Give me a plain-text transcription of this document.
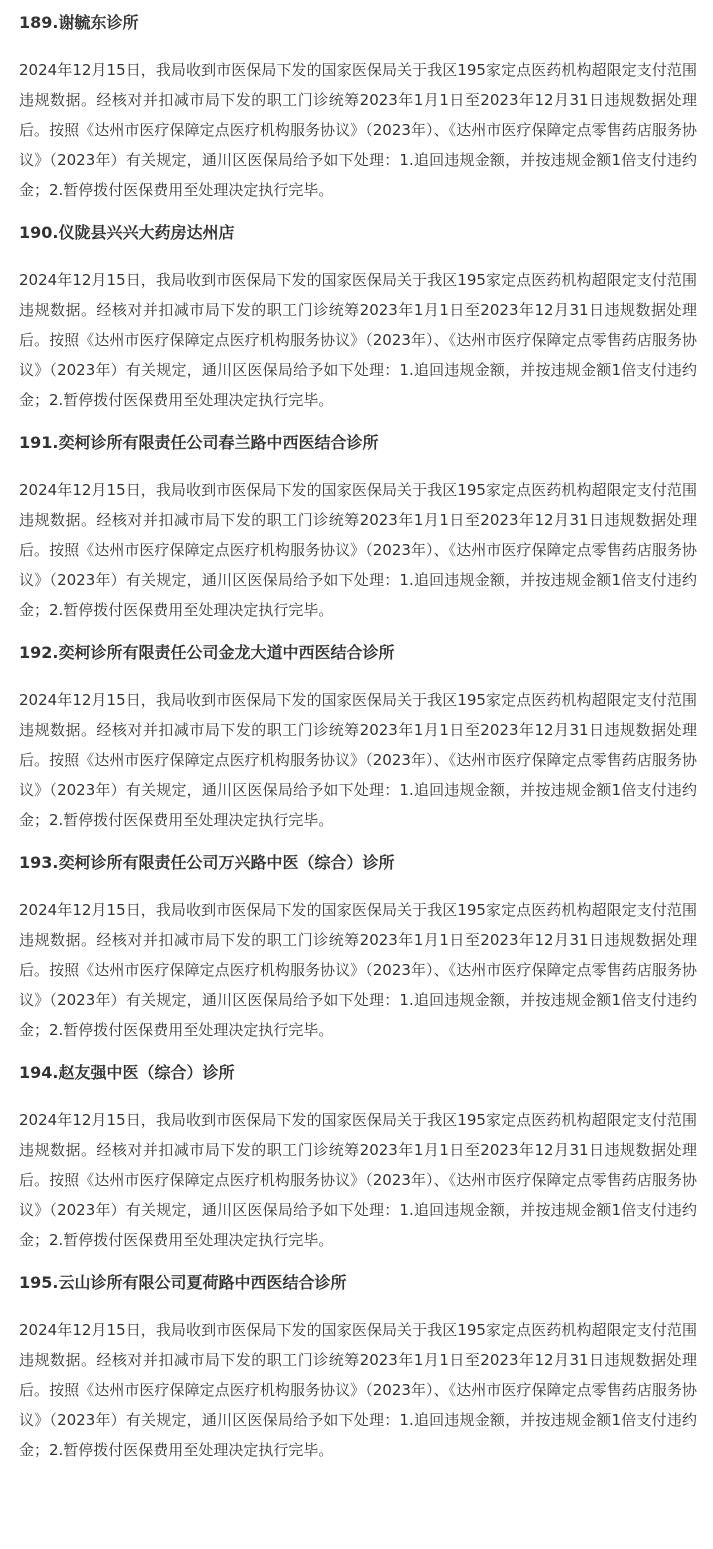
189.谢毓东诊所

2024年12月15日，我局收到市医保局下发的国家医保局关于我区195家定点医药机构超限定支付范围违规数据。经核对并扣减市局下发的职工门诊统筹2023年1月1日至2023年12月31日违规数据处理后。按照《达州市医疗保障定点医疗机构服务协议》（2023年）、《达州市医疗保障定点零售药店服务协议》（2023年）有关规定，通川区医保局给予如下处理：1.追回违规金额，并按违规金额1倍支付违约金；2.暂停拨付医保费用至处理决定执行完毕。

190.仪陇县兴兴大药房达州店

2024年12月15日，我局收到市医保局下发的国家医保局关于我区195家定点医药机构超限定支付范围违规数据。经核对并扣减市局下发的职工门诊统筹2023年1月1日至2023年12月31日违规数据处理后。按照《达州市医疗保障定点医疗机构服务协议》（2023年）、《达州市医疗保障定点零售药店服务协议》（2023年）有关规定，通川区医保局给予如下处理：1.追回违规金额，并按违规金额1倍支付违约金；2.暂停拨付医保费用至处理决定执行完毕。

191.奕柯诊所有限责任公司春兰路中西医结合诊所

2024年12月15日，我局收到市医保局下发的国家医保局关于我区195家定点医药机构超限定支付范围违规数据。经核对并扣减市局下发的职工门诊统筹2023年1月1日至2023年12月31日违规数据处理后。按照《达州市医疗保障定点医疗机构服务协议》（2023年）、《达州市医疗保障定点零售药店服务协议》（2023年）有关规定，通川区医保局给予如下处理：1.追回违规金额，并按违规金额1倍支付违约金；2.暂停拨付医保费用至处理决定执行完毕。

192.奕柯诊所有限责任公司金龙大道中西医结合诊所

2024年12月15日，我局收到市医保局下发的国家医保局关于我区195家定点医药机构超限定支付范围违规数据。经核对并扣减市局下发的职工门诊统筹2023年1月1日至2023年12月31日违规数据处理后。按照《达州市医疗保障定点医疗机构服务协议》（2023年）、《达州市医疗保障定点零售药店服务协议》（2023年）有关规定，通川区医保局给予如下处理：1.追回违规金额，并按违规金额1倍支付违约金；2.暂停拨付医保费用至处理决定执行完毕。

193.奕柯诊所有限责任公司万兴路中医（综合）诊所

2024年12月15日，我局收到市医保局下发的国家医保局关于我区195家定点医药机构超限定支付范围违规数据。经核对并扣减市局下发的职工门诊统筹2023年1月1日至2023年12月31日违规数据处理后。按照《达州市医疗保障定点医疗机构服务协议》（2023年）、《达州市医疗保障定点零售药店服务协议》（2023年）有关规定，通川区医保局给予如下处理：1.追回违规金额，并按违规金额1倍支付违约金；2.暂停拨付医保费用至处理决定执行完毕。

194.赵友强中医（综合）诊所

2024年12月15日，我局收到市医保局下发的国家医保局关于我区195家定点医药机构超限定支付范围违规数据。经核对并扣减市局下发的职工门诊统筹2023年1月1日至2023年12月31日违规数据处理后。按照《达州市医疗保障定点医疗机构服务协议》（2023年）、《达州市医疗保障定点零售药店服务协议》（2023年）有关规定，通川区医保局给予如下处理：1.追回违规金额，并按违规金额1倍支付违约金；2.暂停拨付医保费用至处理决定执行完毕。

195.云山诊所有限公司夏荷路中西医结合诊所

2024年12月15日，我局收到市医保局下发的国家医保局关于我区195家定点医药机构超限定支付范围违规数据。经核对并扣减市局下发的职工门诊统筹2023年1月1日至2023年12月31日违规数据处理后。按照《达州市医疗保障定点医疗机构服务协议》（2023年）、《达州市医疗保障定点零售药店服务协议》（2023年）有关规定，通川区医保局给予如下处理：1.追回违规金额，并按违规金额1倍支付违约金；2.暂停拨付医保费用至处理决定执行完毕。
